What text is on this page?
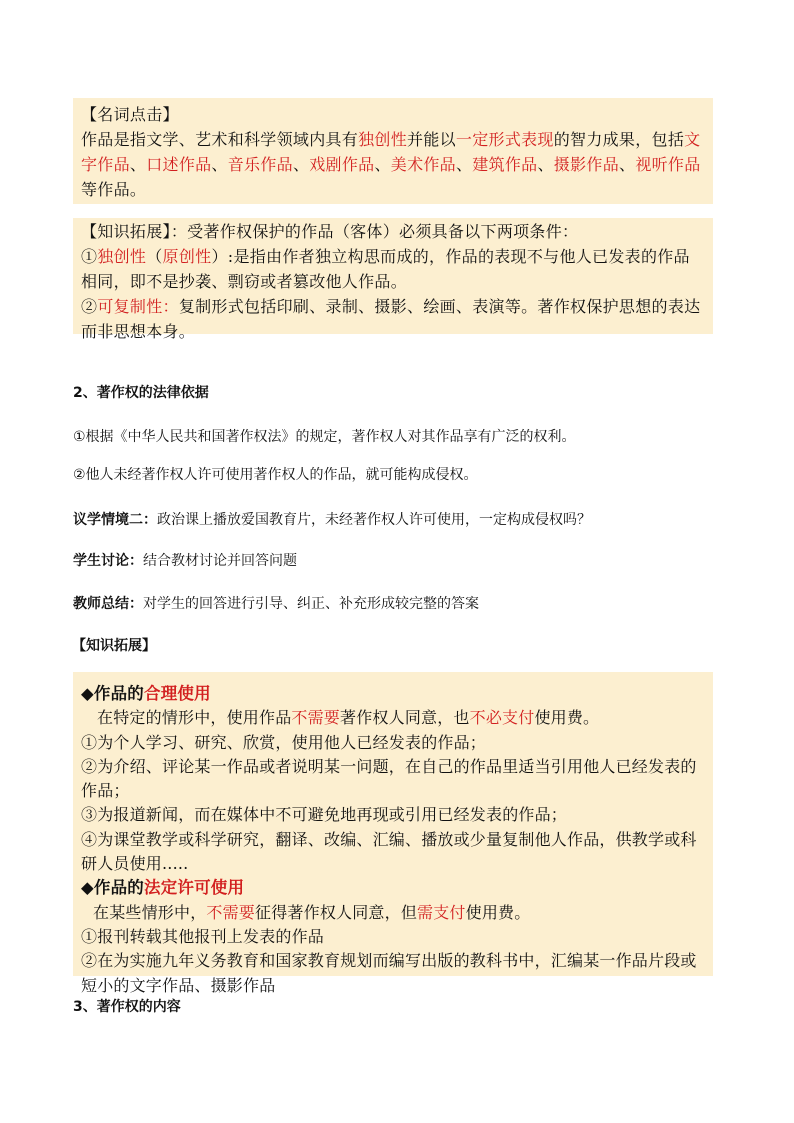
【名词点击】
作品是指文学、艺术和科学领域内具有独创性并能以一定形式表现的智力成果，包括文字作品、口述作品、音乐作品、戏剧作品、美术作品、建筑作品、摄影作品、视听作品等作品。
【知识拓展】：受著作权保护的作品（客体）必须具备以下两项条件：
①独创性（原创性）:是指由作者独立构思而成的，作品的表现不与他人已发表的作品相同，即不是抄袭、剽窃或者篡改他人作品。
②可复制性：复制形式包括印刷、录制、摄影、绘画、表演等。著作权保护思想的表达而非思想本身。
2、著作权的法律依据
①根据《中华人民共和国著作权法》的规定，著作权人对其作品享有广泛的权利。
②他人未经著作权人许可使用著作权人的作品，就可能构成侵权。
议学情境二：政治课上播放爱国教育片，未经著作权人许可使用，一定构成侵权吗？
学生讨论：结合教材讨论并回答问题
教师总结：对学生的回答进行引导、纠正、补充形成较完整的答案
【知识拓展】
◆作品的合理使用
在特定的情形中，使用作品不需要著作权人同意，也不必支付使用费。
①为个人学习、研究、欣赏，使用他人已经发表的作品；
②为介绍、评论某一作品或者说明某一问题，在自己的作品里适当引用他人已经发表的作品；
③为报道新闻，而在媒体中不可避免地再现或引用已经发表的作品；
④为课堂教学或科学研究，翻译、改编、汇编、播放或少量复制他人作品，供教学或科研人员使用.....
◆作品的法定许可使用
在某些情形中，不需要征得著作权人同意，但需支付使用费。
①报刊转载其他报刊上发表的作品
②在为实施九年义务教育和国家教育规划而编写出版的教科书中，汇编某一作品片段或短小的文字作品、摄影作品
3、著作权的内容
